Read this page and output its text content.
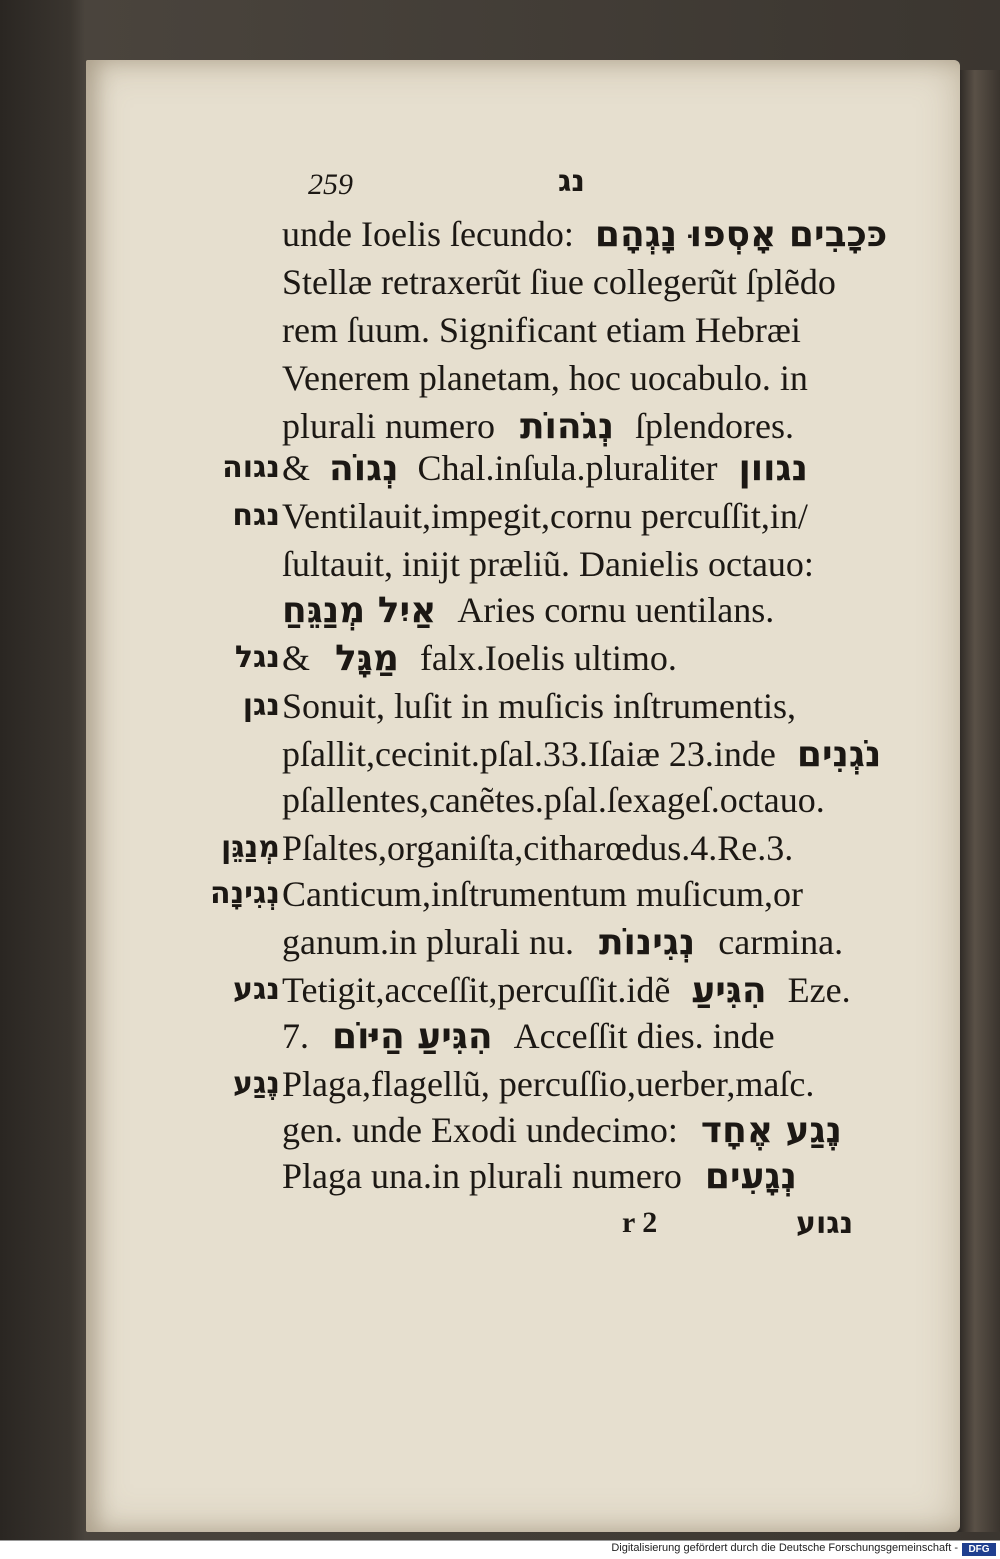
259	נג
unde Ioelis ſecundo: כּכָבִים אָסְפוּ נָגְהָם
Stellæ retraxerũt ſiue collegerũt ſplẽdo
rem ſuum. Significant etiam Hebræi
Venerem planetam, hoc uocabulo. in
plurali numero נְגֹהוֹת ſplendores.
נגוה & נְגוֹה Chal.inſula.pluraliter נגוון
נגח Ventilauit,impegit,cornu percuſſit,in/
ſultauit, inijt præliũ. Danielis octauo:
אַיִל מְנַגֵּחַ Aries cornu uentilans.
נגל & מַגָּל falx.Ioelis ultimo.
נגן Sonuit, luſit in muſicis inſtrumentis,
pſallit,cecinit.pſal.33.Iſaiæ 23.inde נֹגְנִים
pſallentes,canẽtes.pſal.ſexageſ.octauo.
מְנַגֵּן Pſaltes,organiſta,citharœdus.4.Re.3.
נְגִינָה Canticum,inſtrumentum muſicum,or
ganum.in plurali nu. נְגִינוֹת carmina.
נגע Tetigit,acceſſit,percuſſit.idẽ הִגִּיעַ Eze.
7. הִגִּיעַ הַיּוֹם Acceſſit dies. inde
נֶגַע Plaga,flagellũ, percuſſio,uerber,maſc.
gen. unde Exodi undecimo: נֶגַע אֶחָד
Plaga una.in plurali numero נְגָעִים
r 2	נגוע
Digitalisierung gefördert durch die Deutsche Forschungsgemeinschaft -	DFG
